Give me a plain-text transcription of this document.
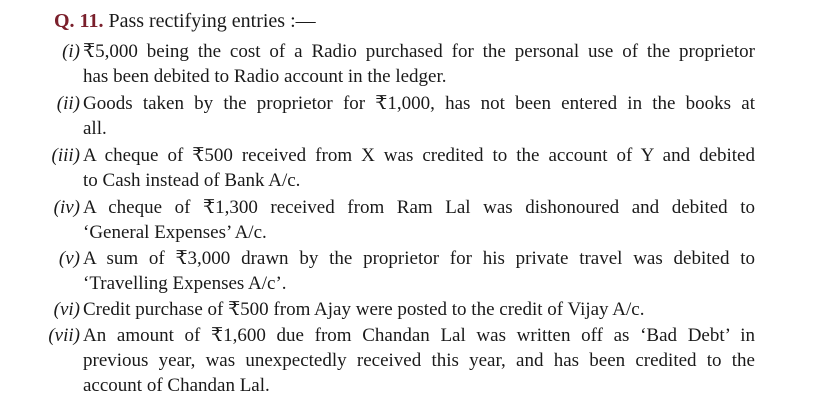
Q. 11. Pass rectifying entries :—
(i) ₹5,000 being the cost of a Radio purchased for the personal use of the proprietor
has been debited to Radio account in the ledger.
(ii) Goods taken by the proprietor for ₹1,000, has not been entered in the books at
all.
(iii) A cheque of ₹500 received from X was credited to the account of Y and debited
to Cash instead of Bank A/c.
(iv) A cheque of ₹1,300 received from Ram Lal was dishonoured and debited to
‘General Expenses’ A/c.
(v) A sum of ₹3,000 drawn by the proprietor for his private travel was debited to
‘Travelling Expenses A/c’.
(vi) Credit purchase of ₹500 from Ajay were posted to the credit of Vijay A/c.
(vii) An amount of ₹1,600 due from Chandan Lal was written off as ‘Bad Debt’ in
previous year, was unexpectedly received this year, and has been credited to the
account of Chandan Lal.
